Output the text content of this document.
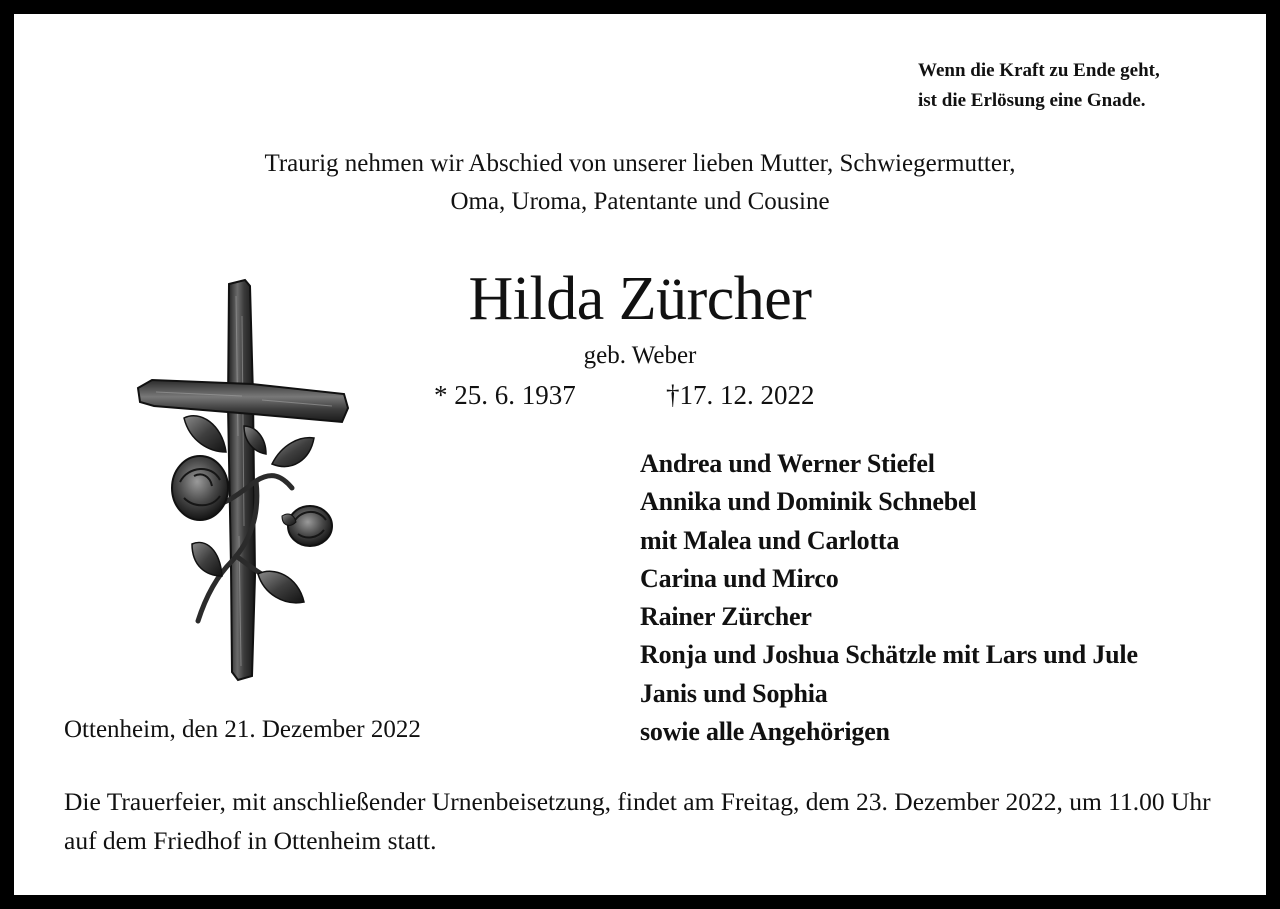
Wenn die Kraft zu Ende geht,
ist die Erlösung eine Gnade.
Traurig nehmen wir Abschied von unserer lieben Mutter, Schwiegermutter,
Oma, Uroma, Patentante und Cousine
Hilda Zürcher
geb. Weber
* 25. 6. 1937	†17. 12. 2022
Andrea und Werner Stiefel
Annika und Dominik Schnebel
mit Malea und Carlotta
Carina und Mirco
Rainer Zürcher
Ronja und Joshua Schätzle mit Lars und Jule
Janis und Sophia
sowie alle Angehörigen
Ottenheim, den 21. Dezember 2022
Die Trauerfeier, mit anschließender Urnenbeisetzung, findet am Freitag, dem 23. Dezember 2022, um 11.00 Uhr auf dem Friedhof in Ottenheim statt.
